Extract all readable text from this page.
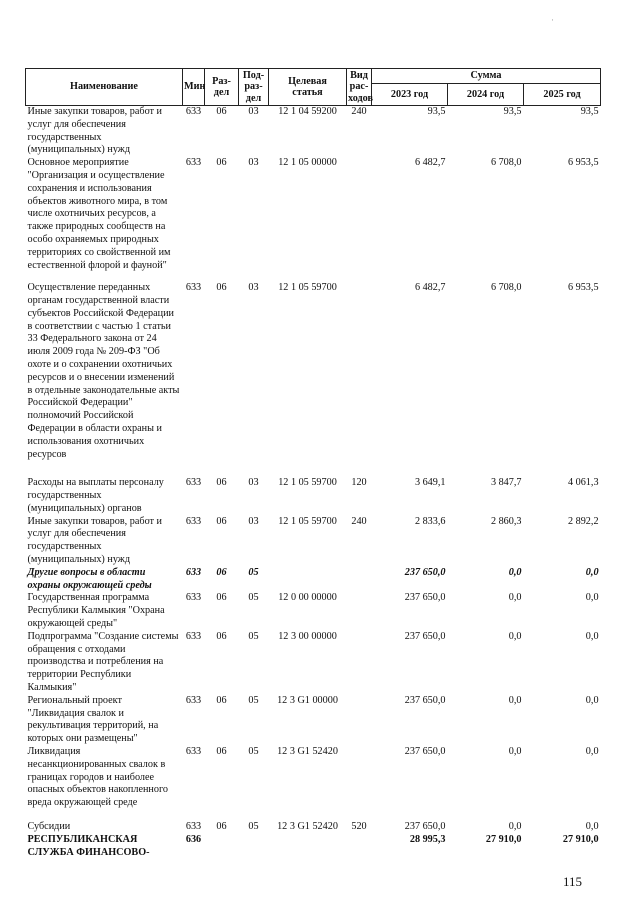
·
Наименование	Мин	Раз-
дел	Под-
раз-
дел	Целевая
статья	Вид
рас-
ходов	Сумма		
						2023 год	2024 год	2025 год
Иные закупки товаров, работ и услуг для обеспечения государственных (муниципальных) нужд	633	06	03	12 1 04 59200	240	93,5	93,5	93,5
Основное мероприятие "Организация и осуществление сохранения и использования объектов животного мира, в том числе охотничьих ресурсов, а также природных сообществ на особо охраняемых природных территориях со свойственной им естественной флорой и фауной"	633	06	03	12 1 05 00000		6 482,7	6 708,0	6 953,5
Осуществление переданных органам государственной власти субъектов Российской Федерации в соответствии с частью 1 статьи 33 Федерального закона от 24 июля 2009 года № 209-ФЗ "Об охоте и о сохранении охотничьих ресурсов и о внесении изменений в отдельные законодательные акты Российской Федерации" полномочий Российской Федерации в области охраны и использования охотничьих ресурсов	633	06	03	12 1 05 59700		6 482,7	6 708,0	6 953,5
Расходы на выплаты персоналу государственных (муниципальных) органов	633	06	03	12 1 05 59700	120	3 649,1	3 847,7	4 061,3
Иные закупки товаров, работ и услуг для обеспечения государственных (муниципальных) нужд	633	06	03	12 1 05 59700	240	2 833,6	2 860,3	2 892,2
Другие вопросы в области охраны окружающей среды	633	06	05			237 650,0	0,0	0,0
Государственная программа Республики Калмыкия "Охрана окружающей среды"	633	06	05	12 0 00 00000		237 650,0	0,0	0,0
Подпрограмма "Создание системы обращения с отходами производства и потребления на территории Республики Калмыкия"	633	06	05	12 3 00 00000		237 650,0	0,0	0,0
Региональный проект "Ликвидация свалок и рекультивация территорий, на которых они размещены"	633	06	05	12 3 G1 00000		237 650,0	0,0	0,0
Ликвидация несанкционированных свалок в границах городов и наиболее опасных объектов накопленного вреда окружающей среде	633	06	05	12 3 G1 52420		237 650,0	0,0	0,0
Субсидии	633	06	05	12 3 G1 52420	520	237 650,0	0,0	0,0
РЕСПУБЛИКАНСКАЯ СЛУЖБА ФИНАНСОВО-	636					28 995,3	27 910,0	27 910,0
115
